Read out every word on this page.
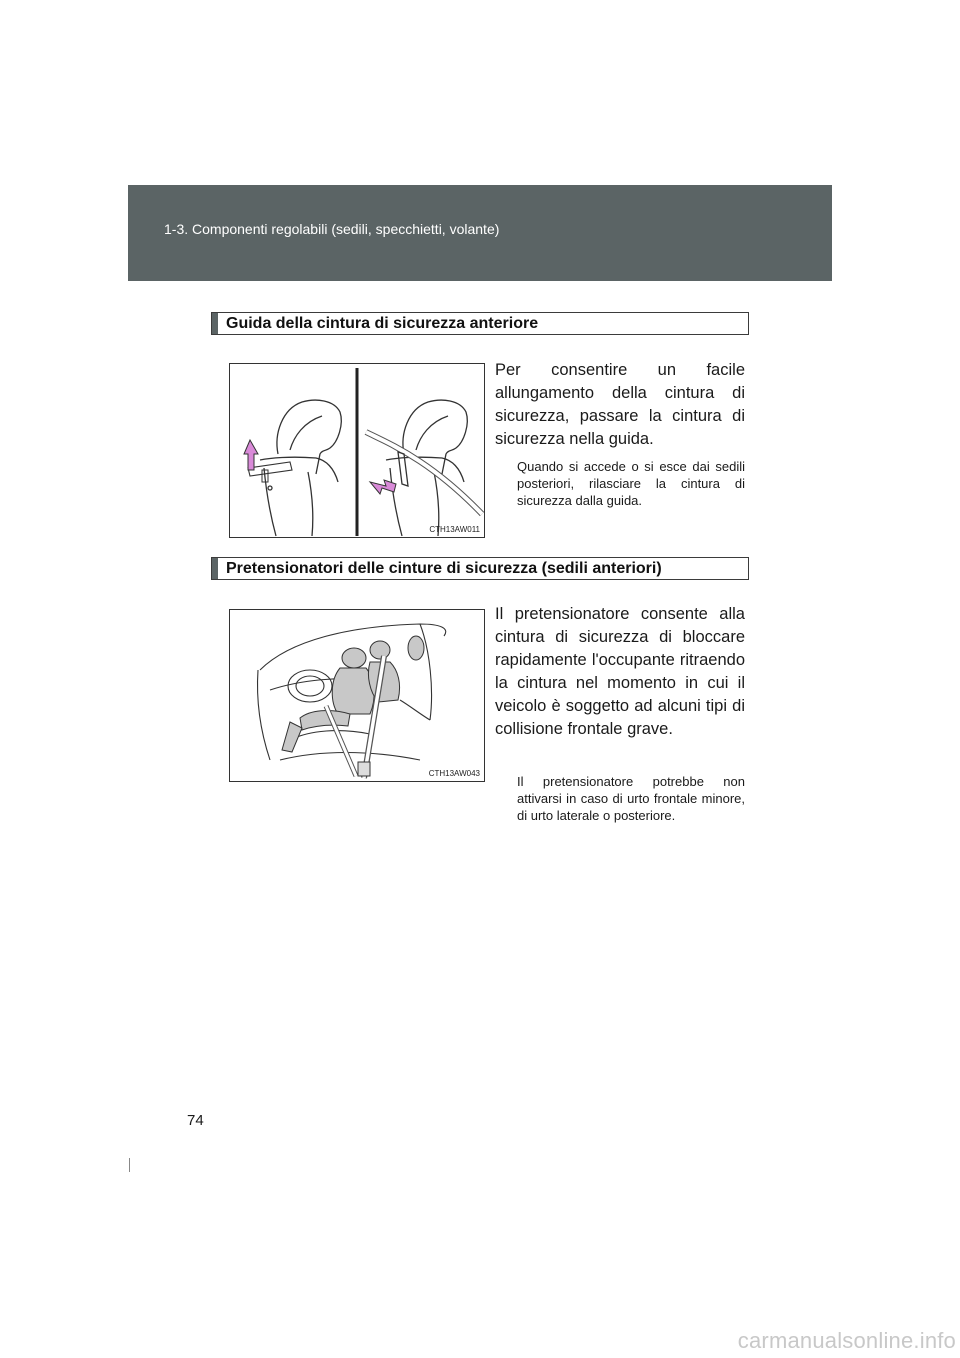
1-3. Componenti regolabili (sedili, specchietti, volante)
Guida della cintura di sicurezza anteriore
CTH13AW011
Per consentire un facile allungamento della cintura di sicurezza, passare la cintura di sicurezza nella guida.
Quando si accede o si esce dai sedili posteriori, rilasciare la cintura di sicurezza dalla guida.
Pretensionatori delle cinture di sicurezza (sedili anteriori)
CTH13AW043
Il pretensionatore consente alla cintura di sicurezza di bloccare rapidamente l'occupante ritraendo la cintura nel momento in cui il veicolo è soggetto ad alcuni tipi di collisione frontale grave.
Il pretensionatore potrebbe non attivarsi in caso di urto frontale minore, di urto laterale o posteriore.
74
carmanualsonline.info
